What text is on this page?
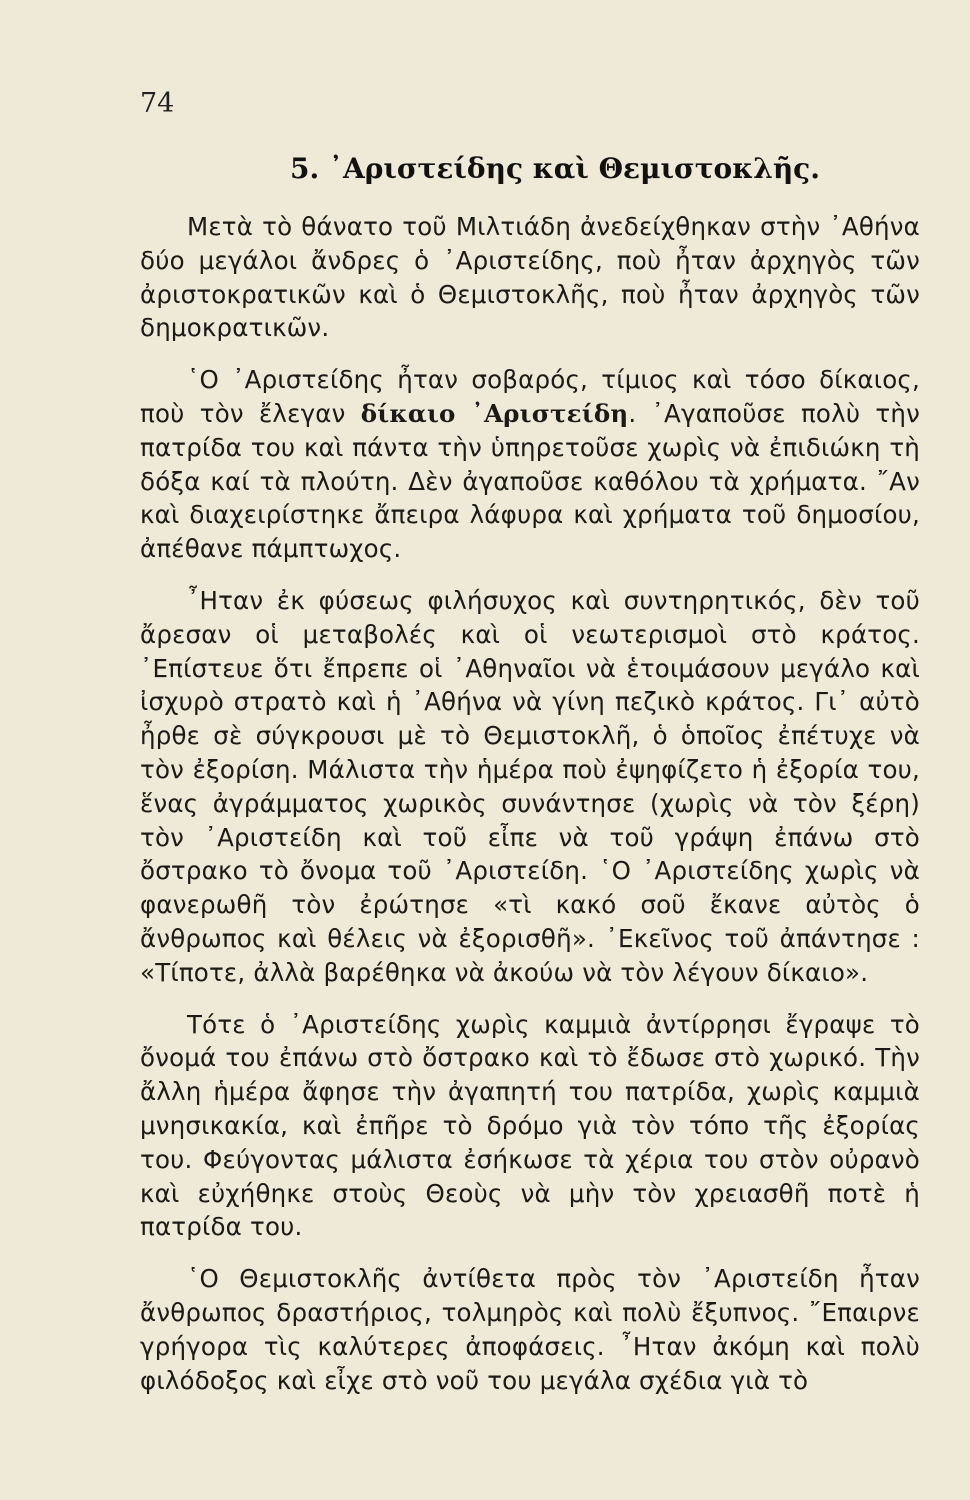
74
5. ᾿Αριστείδης καὶ Θεμιστοκλῆς.

Μετὰ τὸ θάνατο τοῦ Μιλτιάδη ἀνεδείχθηκαν στὴν ᾿Αθήνα δύο μεγάλοι ἄνδρες ὁ ᾿Αριστείδης, ποὺ ἦταν ἀρχηγὸς τῶν ἀριστοκρατικῶν καὶ ὁ Θεμιστοκλῆς, ποὺ ἦταν ἀρχηγὸς τῶν δημοκρατικῶν.

῾Ο ᾿Αριστείδης ἦταν σοβαρός, τίμιος καὶ τόσο δίκαιος, ποὺ τὸν ἔλεγαν δίκαιο ᾿Αριστείδη. ᾿Αγαποῦσε πολὺ τὴν πατρίδα του καὶ πάντα τὴν ὑπηρετοῦσε χωρὶς νὰ ἐπιδιώκη τὴ δόξα καί τὰ πλούτη. Δὲν ἀγαποῦσε καθόλου τὰ χρήματα. ῎Αν καὶ διαχειρίστηκε ἄπειρα λάφυρα καὶ χρήματα τοῦ δημοσίου, ἀπέθανε πάμπτωχος.

῏Ηταν ἐκ φύσεως φιλήσυχος καὶ συντηρητικός, δὲν τοῦ ἄρεσαν οἱ μεταβολές καὶ οἱ νεωτερισμοὶ στὸ κράτος. ᾿Επίστευε ὅτι ἔπρεπε οἱ ᾿Αθηναῖοι νὰ ἑτοιμάσουν μεγάλο καὶ ἰσχυρὸ στρατὸ καὶ ἡ ᾿Αθήνα νὰ γίνη πεζικὸ κράτος. Γι᾿ αὐτὸ ἦρθε σὲ σύγκρουσι μὲ τὸ Θεμιστοκλῆ, ὁ ὁποῖος ἐπέτυχε νὰ τὸν ἐξορίση. Μάλιστα τὴν ἡμέρα ποὺ ἐψηφίζετο ἡ ἐξορία του, ἕνας ἀγράμματος χωρικὸς συνάντησε (χωρὶς νὰ τὸν ξέρη) τὸν ᾿Αριστείδη καὶ τοῦ εἶπε νὰ τοῦ γράψη ἐπάνω στὸ ὄστρακο τὸ ὄνομα τοῦ ᾿Αριστείδη. ῾Ο ᾿Αριστείδης χωρὶς νὰ φανερωθῆ τὸν ἐρώτησε «τὶ κακό σοῦ ἔκανε αὐτὸς ὁ ἄνθρωπος καὶ θέλεις νὰ ἐξορισθῆ». ᾿Εκεῖνος τοῦ ἀπάντησε : «Τίποτε, ἀλλὰ βαρέθηκα νὰ ἀκούω νὰ τὸν λέγουν δίκαιο».

Τότε ὁ ᾿Αριστείδης χωρὶς καμμιὰ ἀντίρρησι ἔγραψε τὸ ὄνομά του ἐπάνω στὸ ὄστρακο καὶ τὸ ἔδωσε στὸ χωρικό. Τὴν ἄλλη ἡμέρα ἄφησε τὴν ἀγαπητή του πατρίδα, χωρὶς καμμιὰ μνησικακία, καὶ ἐπῆρε τὸ δρόμο γιὰ τὸν τόπο τῆς ἐξορίας του. Φεύγοντας μάλιστα ἐσήκωσε τὰ χέρια του στὸν οὐρανὸ καὶ εὐχήθηκε στοὺς Θεοὺς νὰ μὴν τὸν χρειασθῆ ποτὲ ἡ πατρίδα του.

῾Ο Θεμιστοκλῆς ἀντίθετα πρὸς τὸν ᾿Αριστείδη ἦταν ἄνθρωπος δραστήριος, τολμηρὸς καὶ πολὺ ἔξυπνος. ῎Επαιρνε γρήγορα τὶς καλύτερες ἀποφάσεις. ῏Ηταν ἀκόμη καὶ πολὺ φιλόδοξος καὶ εἶχε στὸ νοῦ του μεγάλα σχέδια γιὰ τὸ
